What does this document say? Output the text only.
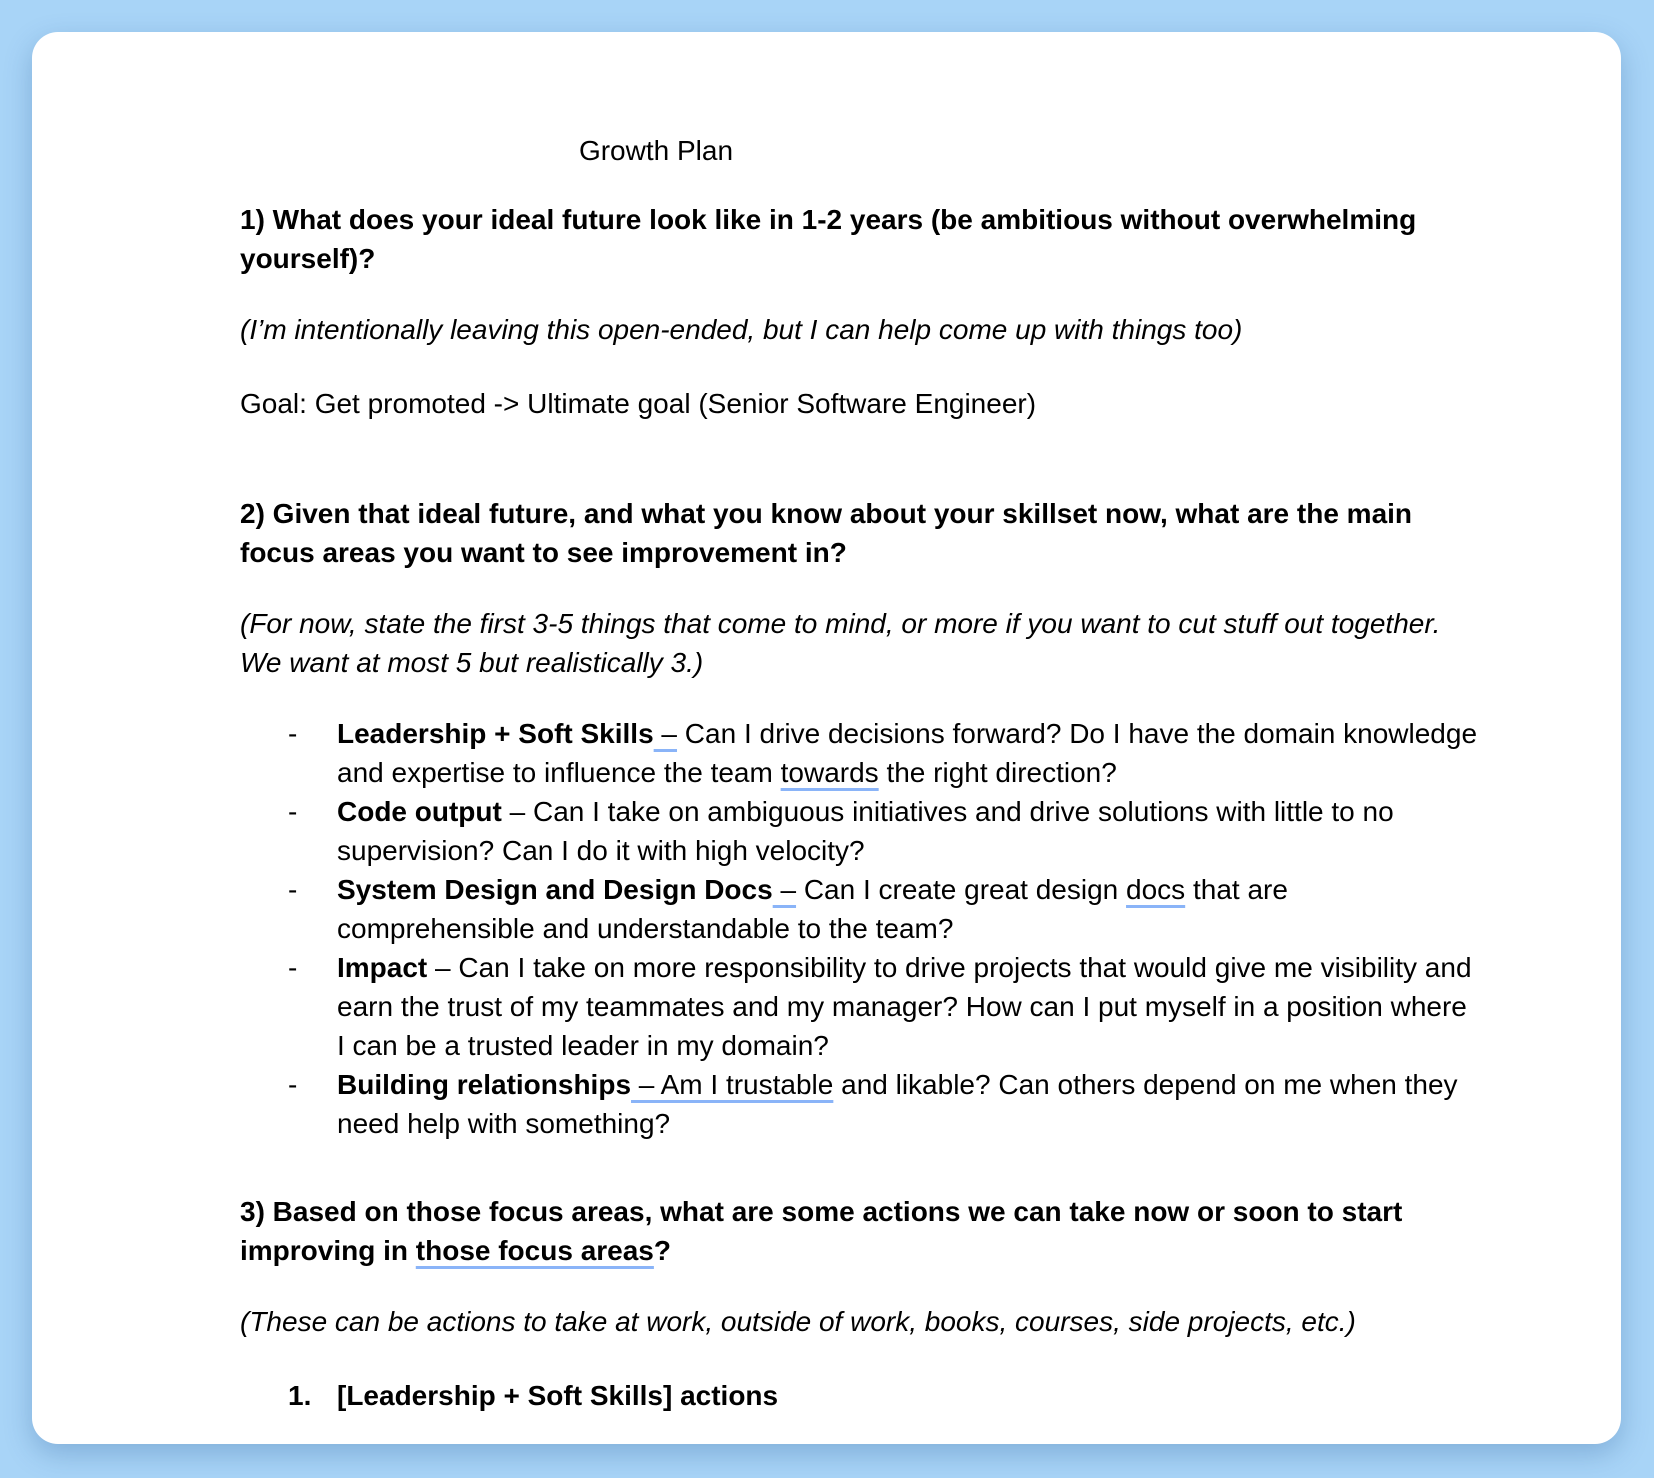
Growth Plan
1) What does your ideal future look like in 1-2 years (be ambitious without overwhelming yourself)?
(I’m intentionally leaving this open-ended, but I can help come up with things too)
Goal: Get promoted -> Ultimate goal (Senior Software Engineer)
2) Given that ideal future, and what you know about your skillset now, what are the main focus areas you want to see improvement in?
(For now, state the first 3-5 things that come to mind, or more if you want to cut stuff out together. We want at most 5 but realistically 3.)
- Leadership + Soft Skills – Can I drive decisions forward? Do I have the domain knowledge and expertise to influence the team towards the right direction?
- Code output – Can I take on ambiguous initiatives and drive solutions with little to no supervision? Can I do it with high velocity?
- System Design and Design Docs – Can I create great design docs that are comprehensible and understandable to the team?
- Impact – Can I take on more responsibility to drive projects that would give me visibility and earn the trust of my teammates and my manager? How can I put myself in a position where I can be a trusted leader in my domain?
- Building relationships – Am I trustable and likable? Can others depend on me when they need help with something?
3) Based on those focus areas, what are some actions we can take now or soon to start improving in those focus areas?
(These can be actions to take at work, outside of work, books, courses, side projects, etc.)
1. [Leadership + Soft Skills] actions
